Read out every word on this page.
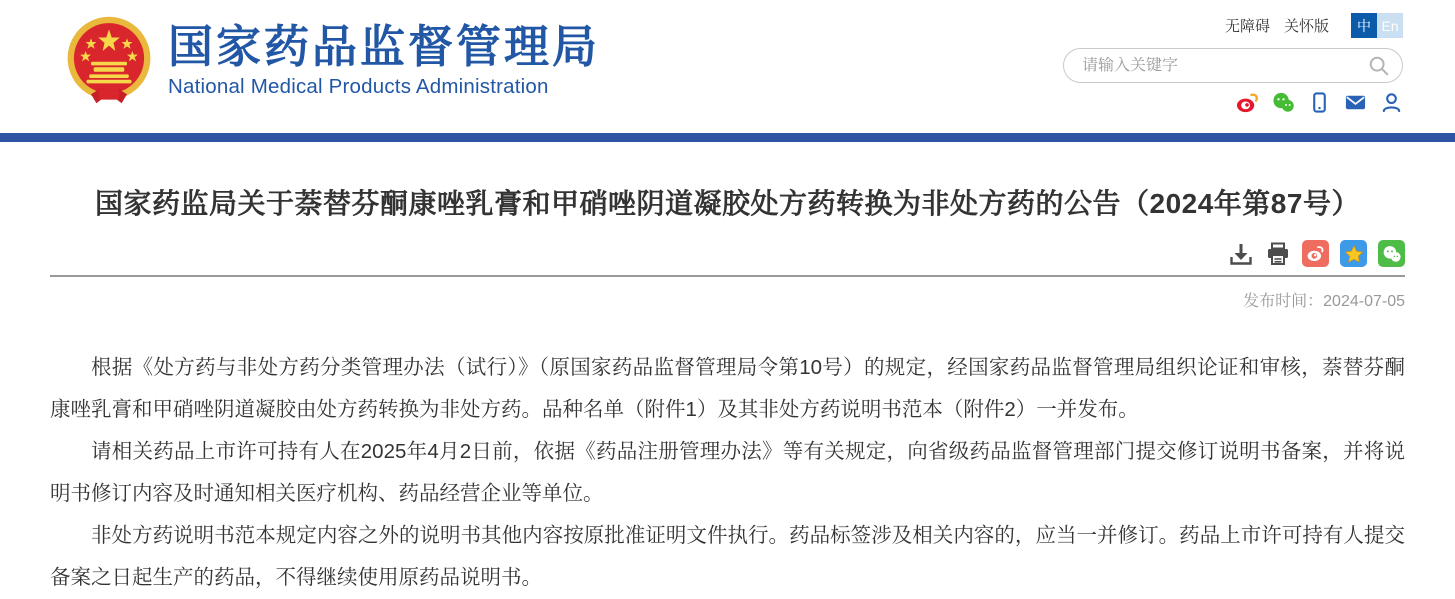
国家药品监督管理局
National Medical Products Administration
无障碍 关怀版	中 En
请输入关键字
国家药监局关于萘替芬酮康唑乳膏和甲硝唑阴道凝胶处方药转换为非处方药的公告（2024年第87号）
发布时间：2024-07-05

根据《处方药与非处方药分类管理办法（试行）》（原国家药品监督管理局令第10号）的规定，经国家药品监督管理局组织论证和审核，萘替芬酮康唑乳膏和甲硝唑阴道凝胶由处方药转换为非处方药。品种名单（附件1）及其非处方药说明书范本（附件2）一并发布。

请相关药品上市许可持有人在2025年4月2日前，依据《药品注册管理办法》等有关规定，向省级药品监督管理部门提交修订说明书备案，并将说明书修订内容及时通知相关医疗机构、药品经营企业等单位。

非处方药说明书范本规定内容之外的说明书其他内容按原批准证明文件执行。药品标签涉及相关内容的，应当一并修订。药品上市许可持有人提交备案之日起生产的药品，不得继续使用原药品说明书。
